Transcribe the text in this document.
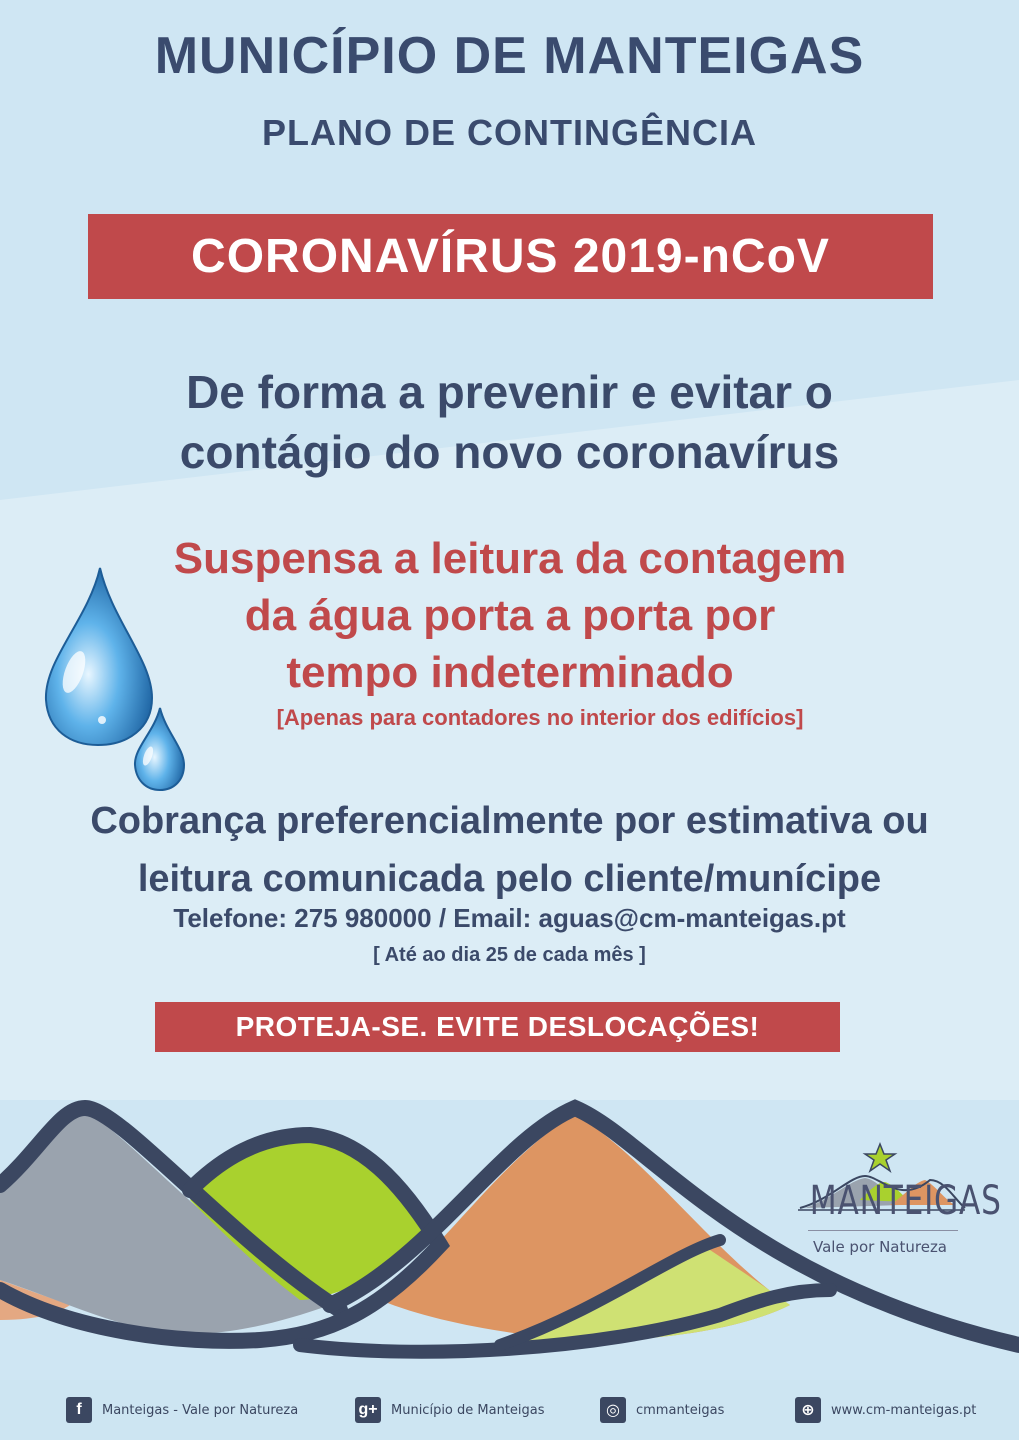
MUNICÍPIO DE MANTEIGAS
PLANO DE CONTINGÊNCIA
CORONAVÍRUS 2019-nCoV
De forma a prevenir e evitar o
contágio do novo coronavírus
Suspensa a leitura da contagem
da água porta a porta por
tempo indeterminado
[Apenas para contadores no interior dos edifícios]
Cobrança preferencialmente por estimativa ou
leitura comunicada pelo cliente/munícipe
Telefone: 275 980000 / Email: aguas@cm-manteigas.pt
[ Até ao dia 25 de cada mês ]
PROTEJA-SE. EVITE DESLOCAÇÕES!
MANTEIGAS
Vale por Natureza
f	Manteigas - Vale por Natureza	g+ Município de Manteigas	◎	cmmanteigas	⊕	www.cm-manteigas.pt
